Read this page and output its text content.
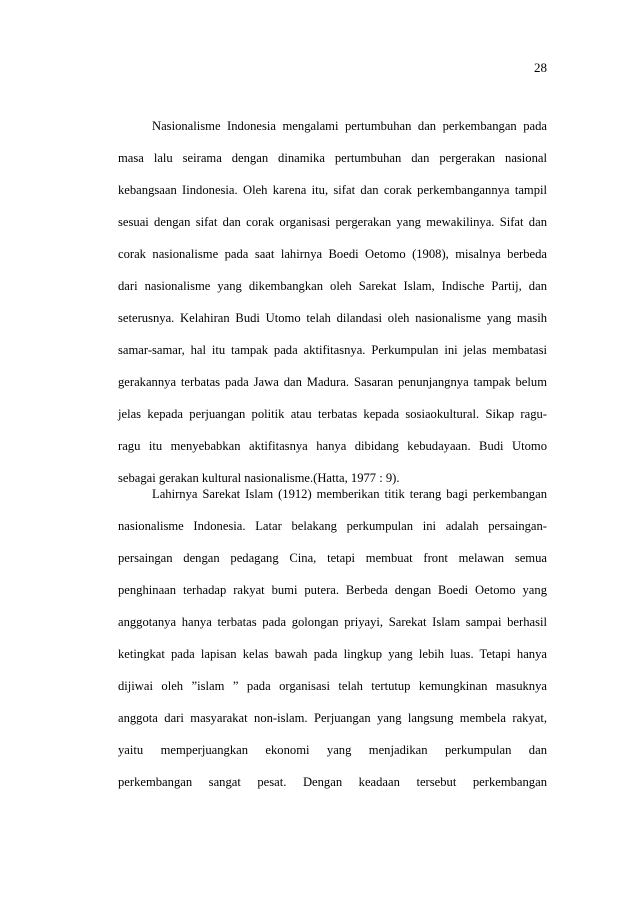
28
Nasionalisme Indonesia mengalami pertumbuhan dan perkembangan pada
masa lalu seirama dengan dinamika pertumbuhan dan pergerakan nasional
kebangsaan Iindonesia. Oleh karena itu, sifat dan corak perkembangannya tampil
sesuai dengan sifat dan corak organisasi pergerakan yang mewakilinya. Sifat dan
corak nasionalisme pada saat lahirnya Boedi Oetomo (1908), misalnya berbeda
dari nasionalisme yang dikembangkan oleh Sarekat Islam, Indische Partij, dan
seterusnya. Kelahiran Budi Utomo telah dilandasi oleh nasionalisme yang masih
samar-samar, hal itu tampak pada aktifitasnya. Perkumpulan ini jelas membatasi
gerakannya terbatas pada Jawa dan Madura. Sasaran penunjangnya tampak belum
jelas kepada perjuangan politik atau terbatas kepada sosiaokultural. Sikap ragu-
ragu itu menyebabkan aktifitasnya hanya dibidang kebudayaan. Budi Utomo
sebagai gerakan kultural nasionalisme.(Hatta, 1977 : 9).
Lahirnya Sarekat Islam (1912) memberikan titik terang bagi perkembangan
nasionalisme Indonesia. Latar belakang perkumpulan ini adalah persaingan-
persaingan dengan pedagang Cina, tetapi membuat front melawan semua
penghinaan terhadap rakyat bumi putera. Berbeda dengan Boedi Oetomo yang
anggotanya hanya terbatas pada golongan priyayi, Sarekat Islam sampai berhasil
ketingkat pada lapisan kelas bawah pada lingkup yang lebih luas. Tetapi hanya
dijiwai oleh ”islam ” pada organisasi telah tertutup kemungkinan masuknya
anggota dari masyarakat non-islam. Perjuangan yang langsung membela rakyat,
yaitu memperjuangkan ekonomi yang menjadikan perkumpulan dan
perkembangan sangat pesat. Dengan keadaan tersebut perkembangan
